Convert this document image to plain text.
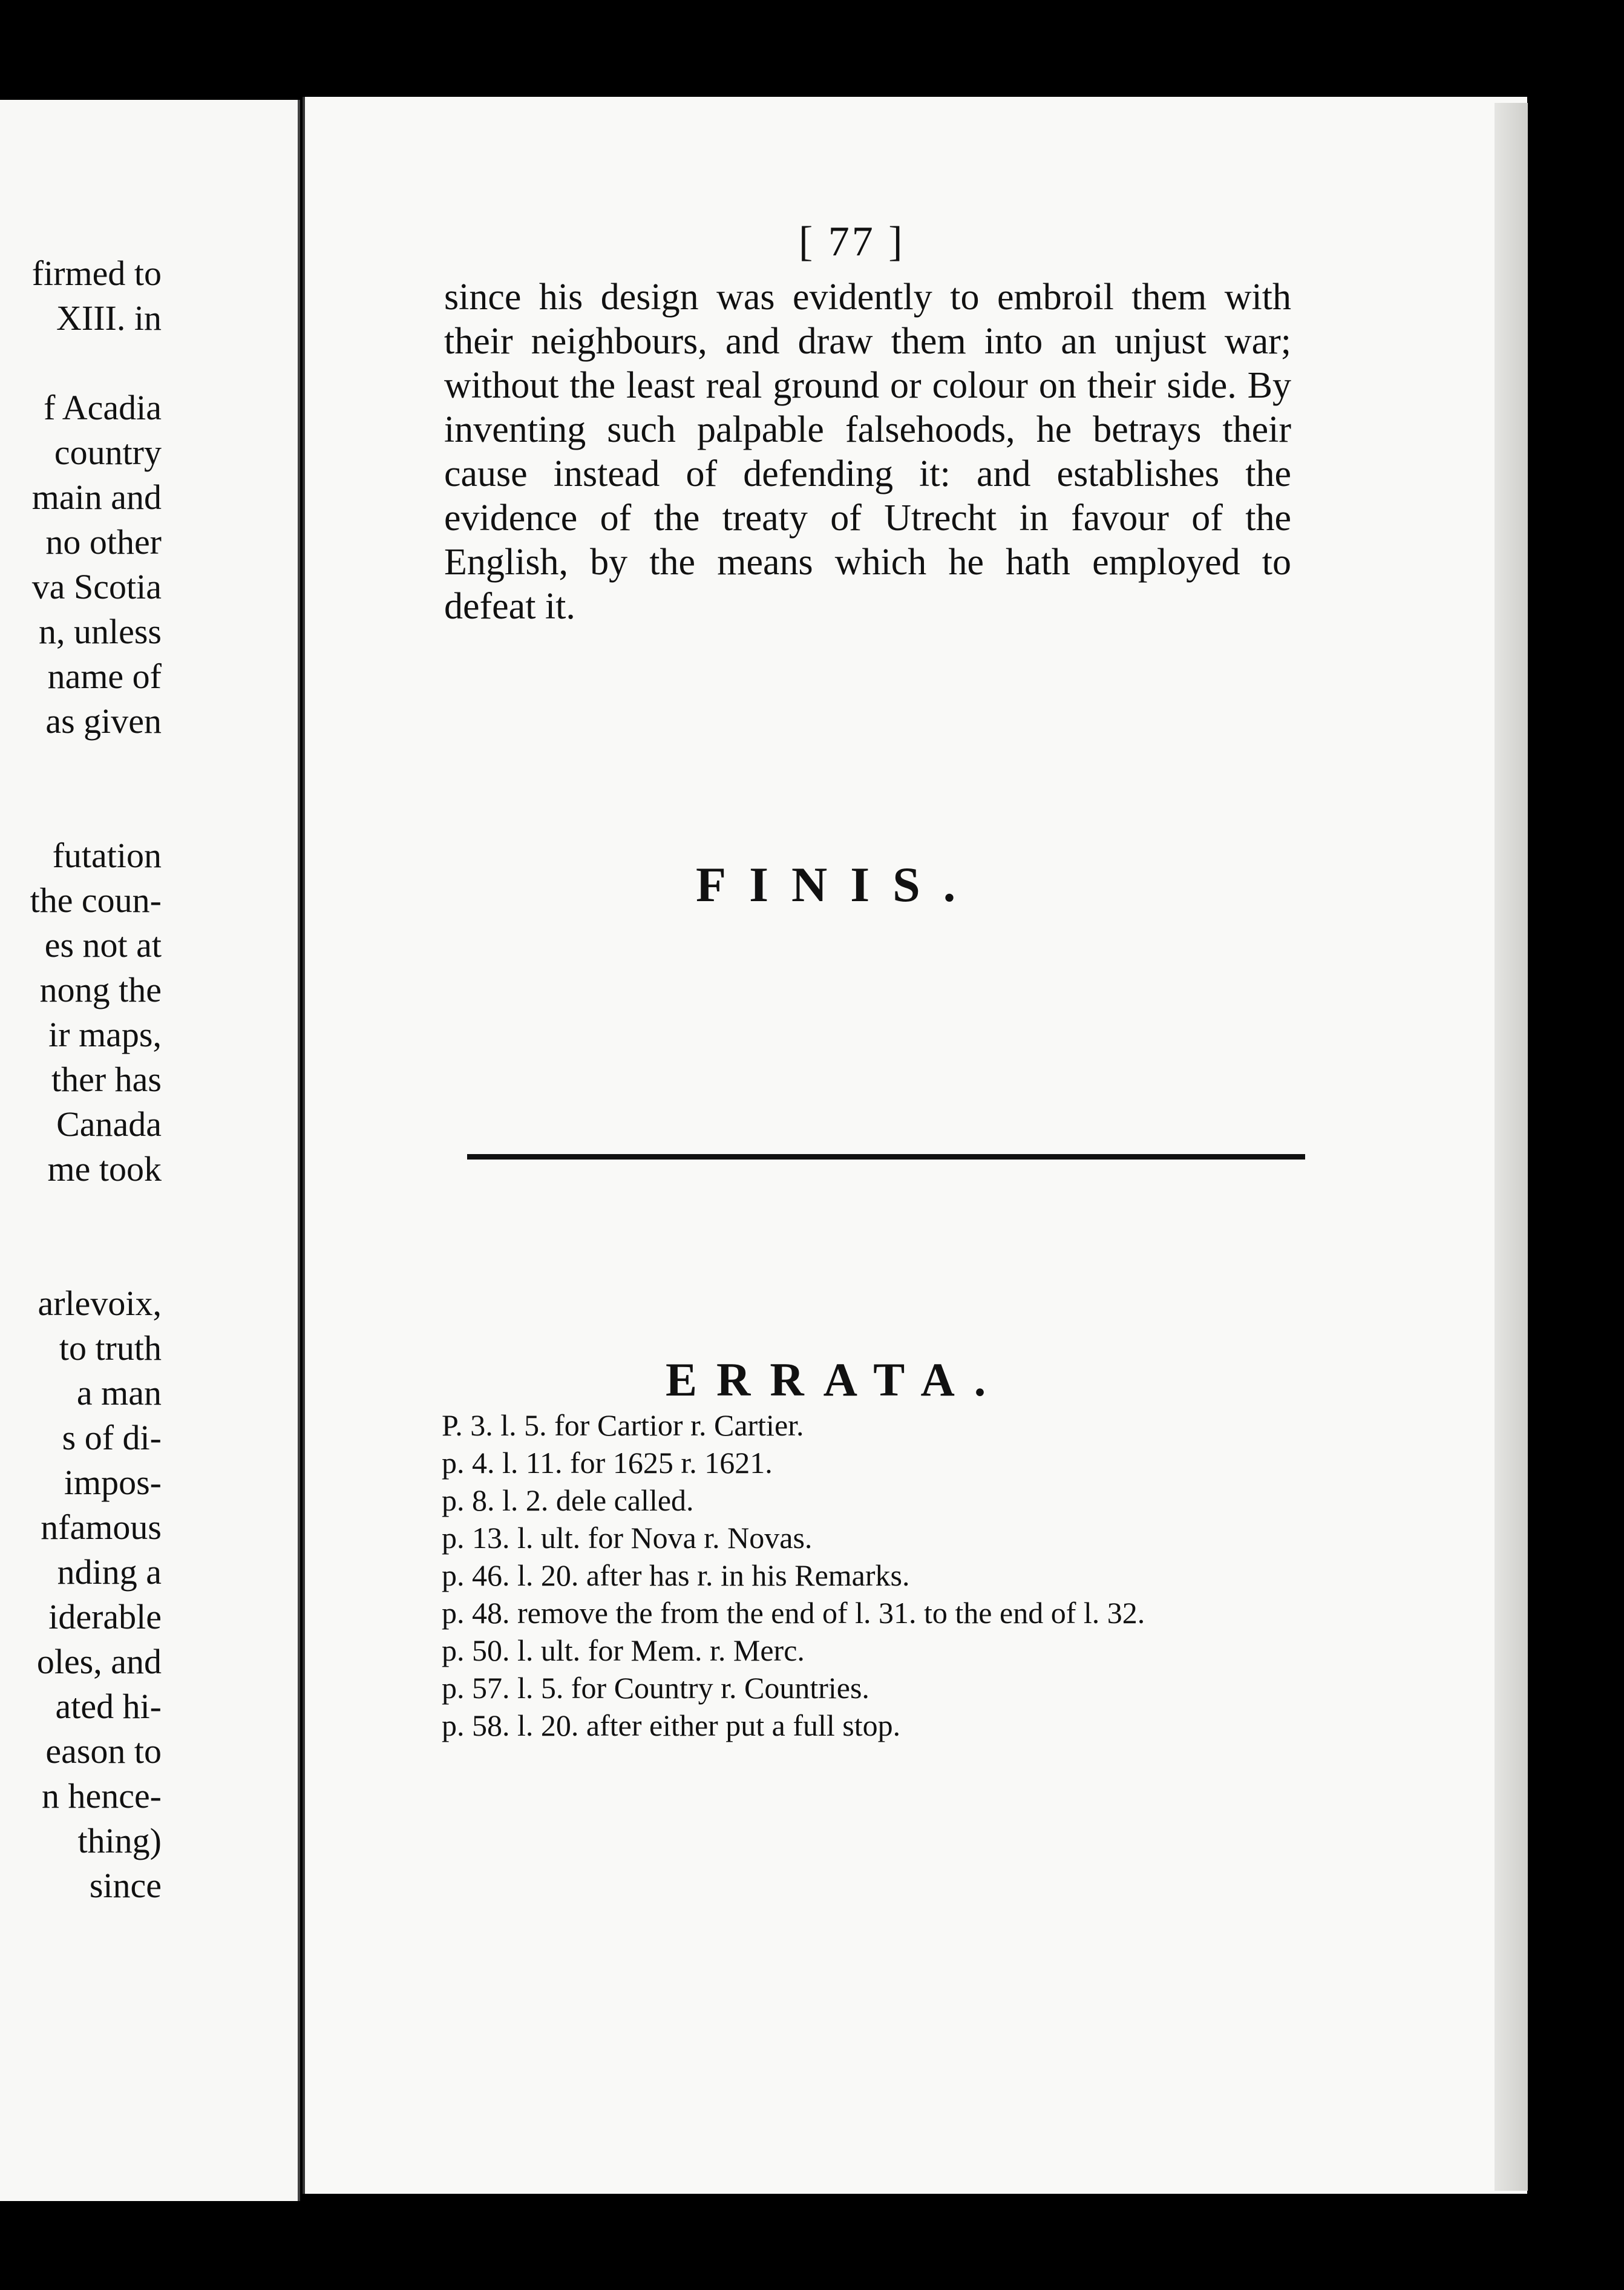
firmed to
XIII. in
f Acadia
country
main and
no other
va Scotia
n, unless
name of
as given
futation
the coun-
es not at
nong the
ir maps,
ther has
Canada
me took
arlevoix,
to truth
a man
s of di-
impos-
nfamous
nding a
iderable
oles, and
ated hi-
eason to
n hence-
thing)
since
[ 77 ]

since his design was evidently to embroil them with their neighbours, and draw them into an unjust war; without the least real ground or colour on their side. By inventing such palpable falsehoods, he betrays their cause instead of defending it: and establishes the evidence of the treaty of Utrecht in favour of the English, by the means which he hath employed to defeat it.

FINIS.
ERRATA.

P. 3. l. 5. for Cartior r. Cartier.

p. 4. l. 11. for 1625 r. 1621.

p. 8. l. 2. dele called.

p. 13. l. ult. for Nova r. Novas.

p. 46. l. 20. after has r. in his Remarks.

p. 48. remove the from the end of l. 31. to the end of l. 32.

p. 50. l. ult. for Mem. r. Merc.

p. 57. l. 5. for Country r. Countries.

p. 58. l. 20. after either put a full stop.
